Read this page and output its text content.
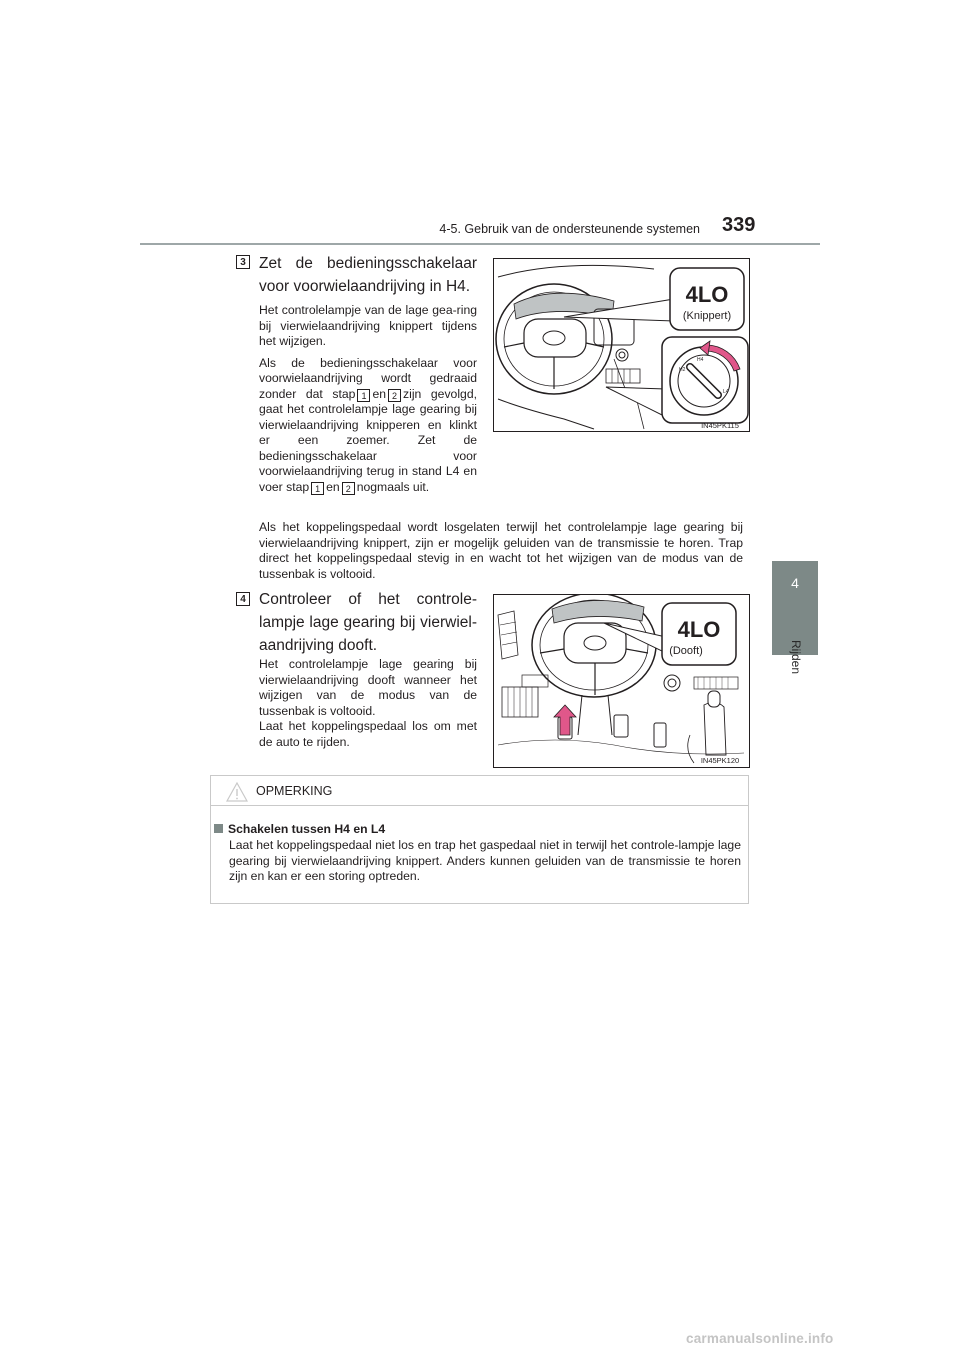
4-5. Gebruik van de ondersteunende systemen 339
4
Rijden
3 Zet de bedieningsschakelaar
voor voorwielaandrijving in H4.

Het controlelampje van de lage gea-ring bij vierwielaandrijving knippert tijdens het wijzigen.

Als de bedieningsschakelaar voor voorwielaandrijving wordt gedraaid zonder dat stap 1 en 2 zijn gevolgd, gaat het controlelampje lage gearing bij vierwielaandrijving knipperen en klinkt er een zoemer. Zet de bedieningsschakelaar voor voorwielaandrijving terug in stand L4 en voer stap 1 en 2 nogmaals uit.

4LO
(Knippert)
H4
H2
L4
IN45PK115
Als het koppelingspedaal wordt losgelaten terwijl het controlelampje lage gearing bij vierwielaandrijving knippert, zijn er mogelijk geluiden van de transmissie te horen. Trap direct het koppelingspedaal stevig in en wacht tot het wijzigen van de modus van de tussenbak is voltooid.
4 Controleer of het controle-lampje lage gearing bij vierwiel-aandrijving dooft.

Het controlelampje lage gearing bij vierwielaandrijving dooft wanneer het wijzigen van de modus van de tussenbak is voltooid.

Laat het koppelingspedaal los om met de auto te rijden.

4LO
(Dooft)
IN45PK120
OPMERKING
Schakelen tussen H4 en L4
Laat het koppelingspedaal niet los en trap het gaspedaal niet in terwijl het controle-lampje lage gearing bij vierwielaandrijving knippert. Anders kunnen geluiden van de transmissie te horen zijn en kan er een storing optreden.
carmanualsonline.info
